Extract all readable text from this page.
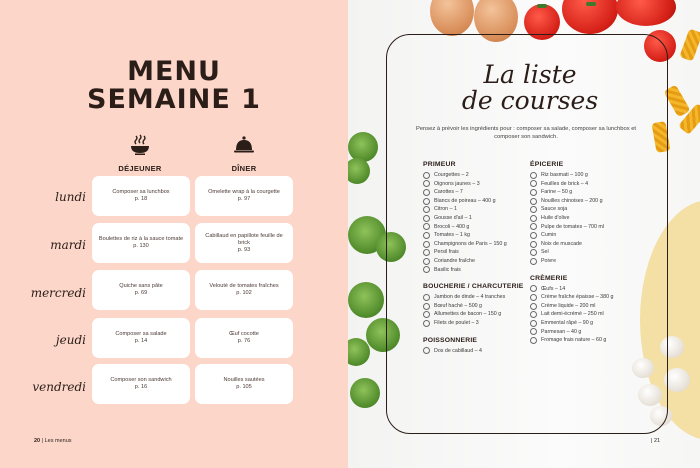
MENU
SEMAINE 1
DÉJEUNER	DÎNER
lundi	Composer sa lunchbox
p. 18
Omelette wrap à la courgette
p. 97
mardi Boulettes de riz à la sauce tomate
p. 130
Cabillaud en papillote feuille de brick
p. 93
mercredi	Quiche sans pâte
p. 69
Velouté de tomates fraîches
p. 102
jeudi	Composer sa salade
p. 14
Œuf cocotte
p. 76
vendredi	Composer son sandwich
p. 16
Nouilles sautées
p. 105
20 | Les menus
La liste
de courses
Pensez à prévoir les ingrédients pour : composer sa salade, composer sa lunchbox et composer son sandwich.
PRIMEUR
Courgettes – 2
Oignons jaunes – 3
Carottes – 7
Blancs de poireau – 400 g
Citron – 1
Gousse d'ail – 1
Brocoli – 400 g
Tomates – 1 kg
Champignons de Paris – 150 g
Persil frais
Coriandre fraîche
Basilic frais
BOUCHERIE / CHARCUTERIE
Jambon de dinde – 4 tranches
Bœuf haché – 500 g
Allumettes de bacon – 150 g
Filets de poulet – 3
POISSONNERIE
Dos de cabillaud – 4
ÉPICERIE
Riz basmati – 100 g
Feuilles de brick – 4
Farine – 50 g
Nouilles chinoises – 200 g
Sauce soja
Huile d'olive
Pulpe de tomates – 700 ml
Cumin
Noix de muscade
Sel
Poivre
CRÈMERIE
Œufs – 14
Crème fraîche épaisse – 380 g
Crème liquide – 200 ml
Lait demi-écrémé – 250 ml
Emmental râpé – 90 g
Parmesan – 40 g
Fromage frais nature – 60 g
| 21
